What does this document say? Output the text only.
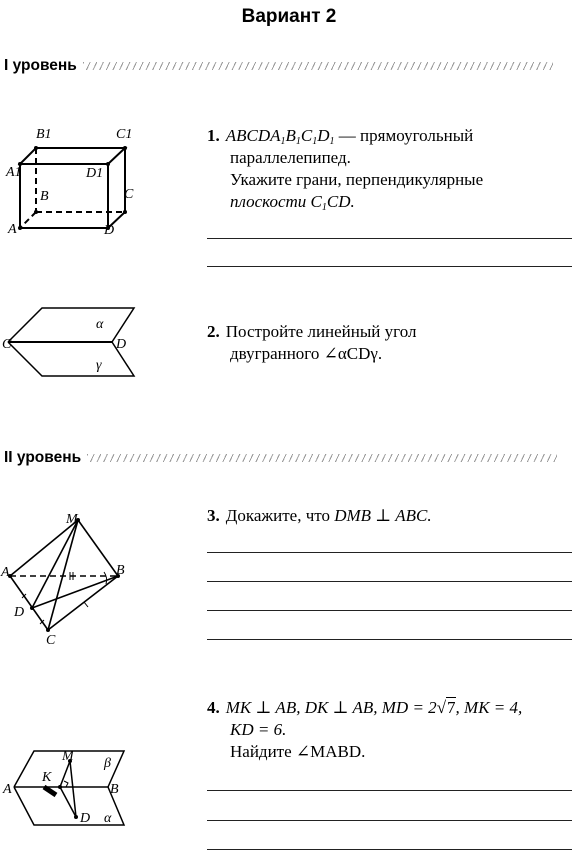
Вариант 2
I уровень
B1	C1
A1	D1
B	C
A	D
1. $ABCDA_1B_1C_1D_1$ — прямоугольный
параллелепипед.
Укажите грани, перпендикулярные
плоскости $C_1CD$.
α
γ
C	D
2. Постройте линейный угол
двугранного ∠αCDγ.
II уровень
M
A	B
D
C
3. Докажите, что DMB ⊥ ABC.
M
K
β
A	B
D α
4. MK ⊥ AB, DK ⊥ AB, MD = 2√7, MK = 4,
KD = 6.
Найдите ∠MABD.
